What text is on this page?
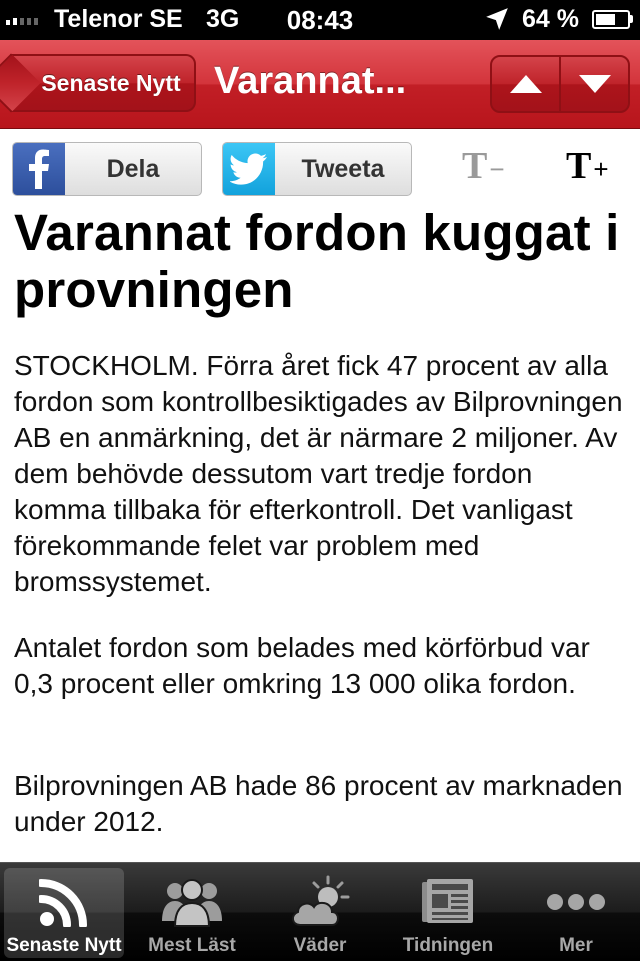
Telenor SE 3G	08:43	64 %
Senaste Nytt Varannat...
Dela	Tweeta	T − T +
Varannat fordon kuggat i provningen

STOCKHOLM. Förra året fick 47 procent av alla fordon som kontrollbesiktigades av Bilprovningen AB en anmärkning, det är närmare 2 miljoner. Av dem behövde dessutom vart tredje fordon komma tillbaka för efterkontroll. Det vanligast förekommande felet var problem med bromssystemet.

Antalet fordon som belades med körförbud var 0,3 procent eller omkring 13 000 olika fordon.

Bilprovningen AB hade 86 procent av marknaden under 2012.

Senaste Nytt Mest Läst	Väder	Tidningen	Mer
